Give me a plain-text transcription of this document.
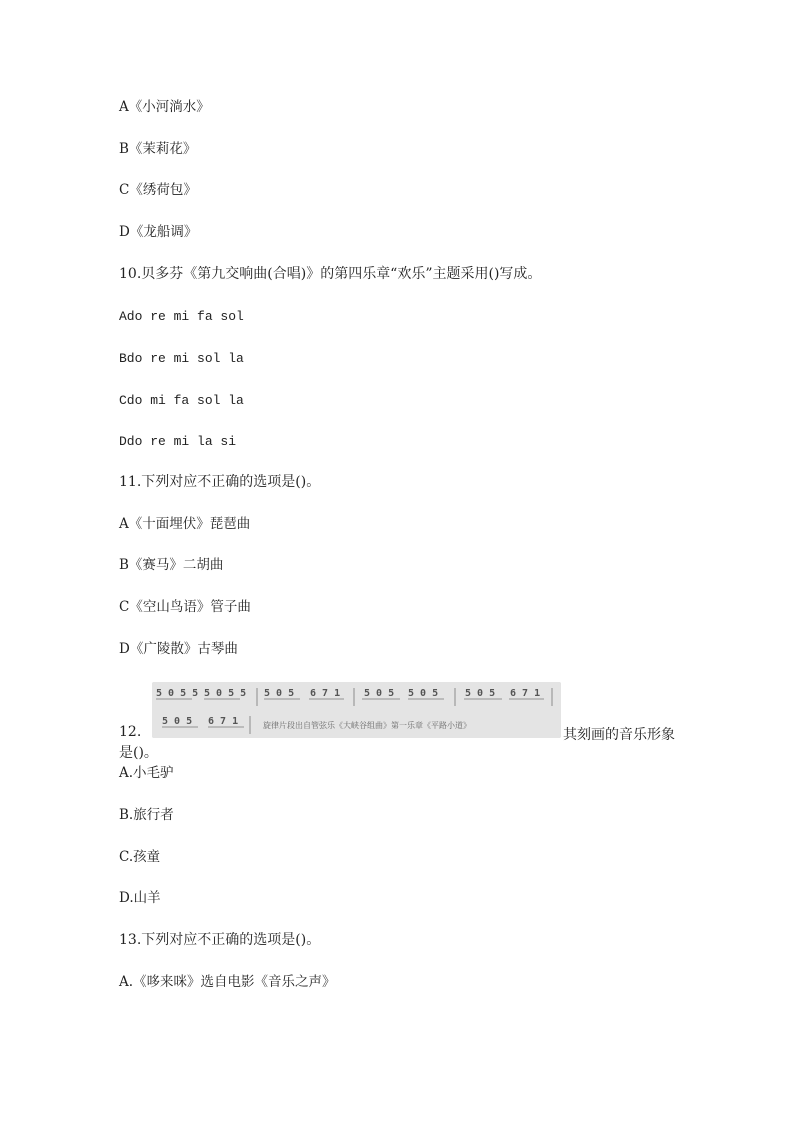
A《小河淌水》
B《茉莉花》
C《绣荷包》
D《龙船调》
10.贝多芬《第九交响曲(合唱)》的第四乐章“欢乐”主题采用()写成。
Ado re mi fa sol
Bdo re mi sol la
Cdo mi fa sol la
Ddo re mi la si
11.下列对应不正确的选项是()。
A《十面埋伏》琵琶曲
B《赛马》二胡曲
C《空山鸟语》管子曲
D《广陵散》古琴曲
12.
5 0 5 5 5 0 5 5 5 0 5 6 7 1 5 0 5 5 0 5	5 0 5 6 7 1
5 0 5 6 7 1	旋律片段出自管弦乐《大峡谷组曲》第一乐章《平路小道》
其刻画的音乐形象
是()。
A.小毛驴
B.旅行者
C.孩童
D.山羊
13.下列对应不正确的选项是()。
A.《哆来咪》选自电影《音乐之声》
